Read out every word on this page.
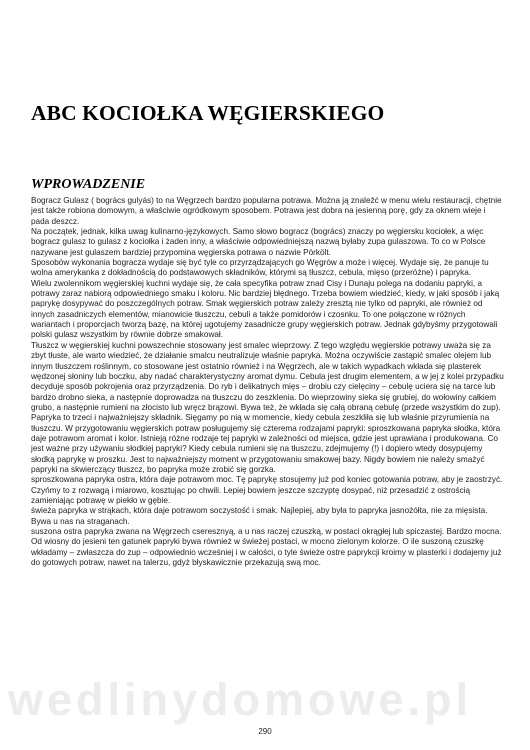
ABC KOCIOŁKA WĘGIERSKIEGO
WPROWADZENIE

Bogracz Gulasz ( bogrács gulyás) to na Węgrzech bardzo popularna potrawa. Można ją znaleźć w menu wielu restauracji, chętnie jest także robiona domowym, a właściwie ogródkowym sposobem. Potrawa jest dobra na jesienną porę, gdy za oknem wieje i pada deszcz.

Na początek, jednak, kilka uwag kulinarno-językowych. Samo słowo bogracz (bogrács) znaczy po węgiersku kociołek, a więc bogracz gulasz to gulasz z kociołka i żaden inny, a właściwie odpowiedniejszą nazwą byłaby zupa gulaszowa. To co w Polsce nazywane jest gulaszem bardziej przypomina węgierska potrawa o nazwie Pörkölt.

Sposobów wykonania bogracza wydaje się być tyle co przyrządzających go Węgrów a może i więcej. Wydaje się, że panuje tu wolna amerykanka z dokładnością do podstawowych składników, którymi są tłuszcz, cebula, mięso (przeróżne) i papryka.

Wielu zwolennikom węgierskiej kuchni wydaje się, że cała specyfika potraw znad Cisy i Dunaju polega na dodaniu papryki, a potrawy zaraz nabiorą odpowiedniego smaku i koloru. Nic bardziej błędnego. Trzeba bowiem wiedzieć, kiedy, w jaki sposób i jaką paprykę dosypywać do poszczególnych potraw. Smak węgierskich potraw zależy zresztą nie tylko od papryki, ale również od innych zasadniczych elementów, mianowicie tłuszczu, cebuli a także pomidorów i czosnku. To one połączone w różnych wariantach i proporcjach tworzą bazę, na której ugotujemy zasadnicze grupy węgierskich potraw. Jednak gdybyśmy przygotowali polski gulasz wszystkim by równie dobrze smakował.

Tłuszcz w węgierskiej kuchni powszechnie stosowany jest smalec wieprzowy. Z tego względu węgierskie potrawy uważa się za zbyt tłuste, ale warto wiedzieć, że działanie smalcu neutralizuje właśnie papryka. Można oczywiście zastąpić smalec olejem lub innym tłuszczem roślinnym, co stosowane jest ostatnio również i na Węgrzech, ale w takich wypadkach wkłada się plasterek wędzonej słoniny lub boczku, aby nadać charakterystyczny aromat dymu. Cebula jest drugim elementem, a w jej z kolei przypadku decyduje sposób pokrojenia oraz przyrządzenia. Do ryb i delikatnych mięs – drobiu czy cielęciny – cebulę uciera się na tarce lub bardzo drobno sieka, a następnie doprowadza na tłuszczu do zeszklenia. Do wieprzowiny sieka się grubiej, do wołowiny całkiem grubo, a następnie rumieni na złocisto lub wręcz brązowi. Bywa też, że wkłada się całą obraną cebulę (przede wszystkim do zup).

Papryka to trzeci i najważniejszy składnik. Sięgamy po nią w momencie, kiedy cebula zeszkliła się lub właśnie przyrumienia na tłuszczu. W przygotowaniu węgierskich potraw posługujemy się czterema rodzajami papryki: sproszkowana papryka słodka, która daje potrawom aromat i kolor. Istnieją różne rodzaje tej papryki w zależności od miejsca, gdzie jest uprawiana i produkowana. Co jest ważne przy używaniu słodkiej papryki? Kiedy cebula rumieni się na tłuszczu, zdejmujemy (!) i dopiero wtedy dosypujemy słodką paprykę w proszku. Jest to najważniejszy moment w przygotowaniu smakowej bazy. Nigdy bowiem nie należy smażyć papryki na skwierczący tłuszcz, bo papryka może zrobić się gorzka.

sproszkowana papryka ostra, która daje potrawom moc. Tę paprykę stosujemy już pod koniec gotowania potraw, aby je zaostrzyć. Czyńmy to z rozwagą i miarowo, kosztując po chwili. Lepiej bowiem jeszcze szczyptę dosypać, niż przesadzić z ostrością zamieniając potrawę w piekło w gębie.

świeża papryka w strąkach, która daje potrawom soczystość i smak. Najlepiej, aby była to papryka jasnożółta, nie za mięsista. Bywa u nas na straganach.

suszona ostra papryka zwana na Węgrzech cseresznyą, a u nas raczej czuszką, w postaci okrągłej lub spiczastej. Bardzo mocna. Od wiosny do jesieni ten gatunek papryki bywa również w świeżej postaci, w mocno zielonym kolorze. O ile suszoną czuszkę wkładamy – zwłaszcza do zup – odpowiednio wcześniej i w całości, o tyle świeże ostre paprykcji kroimy w plasterki i dodajemy już do gotowych potraw, nawet na talerzu, gdyż błyskawicznie przekazują swą moc.

wedlinydomowe.pl
290
